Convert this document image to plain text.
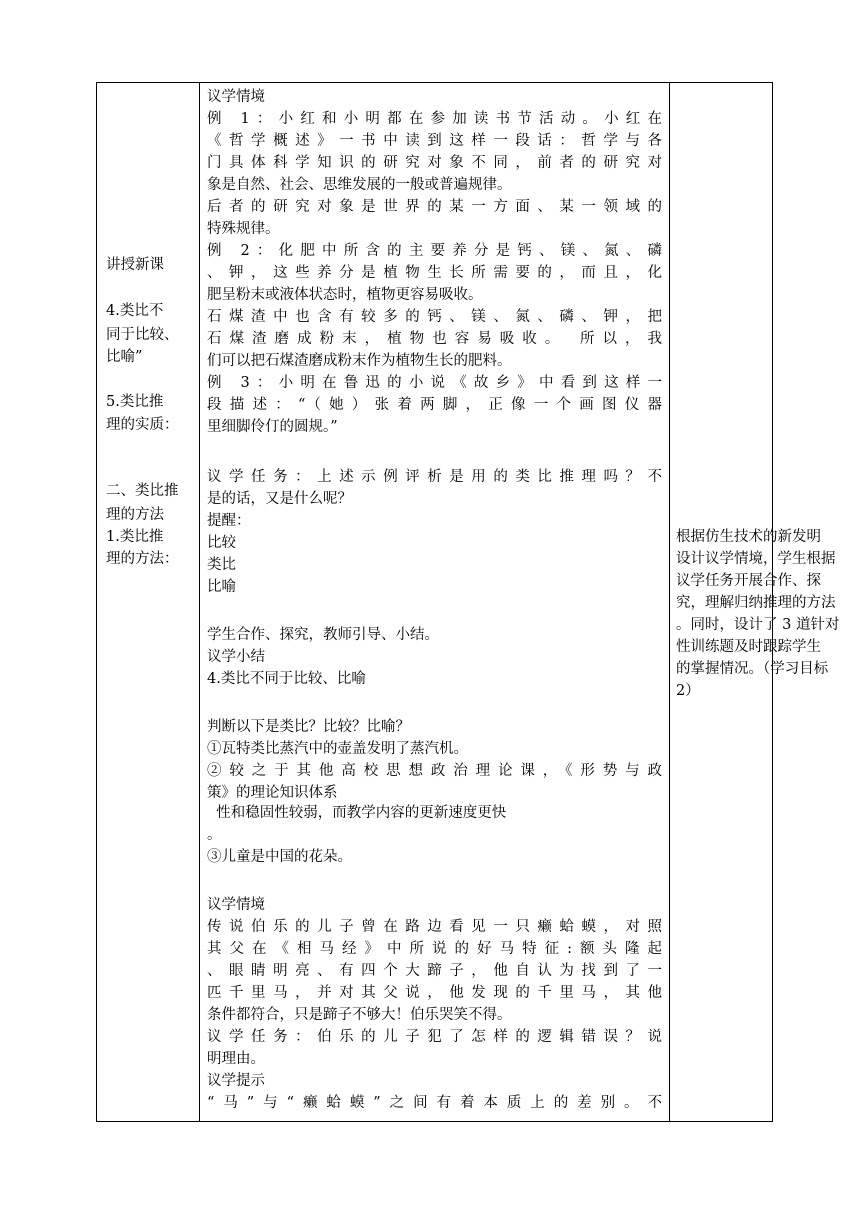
讲授新课
4.类比不
同于比较、
比喻”
5.类比推
理的实质：
二、类比推
理的方法
1.类比推
理的方法：
议学情境
例 1：小红和小明都在参加读书节活动。小红在
《哲学概述》一书中读到这样一段话：哲学与各
门具体科学知识的研究对象不同，前者的研究对
象是自然、社会、思维发展的一般或普遍规律。
后者的研究对象是世界的某一方面、某一领域的
特殊规律。
例 2：化肥中所含的主要养分是钙、镁、氮、磷
、钾，这些养分是植物生长所需要的，而且，化
肥呈粉末或液体状态时，植物更容易吸收。
石煤渣中也含有较多的钙、镁、氮、磷、钾，把
石煤渣磨成粉末，植物也容易吸收。 所以，我
们可以把石煤渣磨成粉末作为植物生长的肥料。
例 3：小明在鲁迅的小说《故乡》中看到这样一
段描述：“（她）张着两脚，正像一个画图仪器
里细脚伶仃的圆规。”
议学任务：上述示例评析是用的类比推理吗？不
是的话，又是什么呢？
提醒：
比较
类比
比喻
学生合作、探究，教师引导、小结。
议学小结
4.类比不同于比较、比喻
判断以下是类比？比较？比喻？
①瓦特类比蒸汽中的壶盖发明了蒸汽机。
②较之于其他高校思想政治理论课，《形势与政
策》的理论知识体系
性和稳固性较弱，而教学内容的更新速度更快
。
③儿童是中国的花朵。
议学情境
传说伯乐的儿子曾在路边看见一只癞蛤蟆，对照
其父在《相马经》中所说的好马特征:额头隆起
、眼睛明亮、有四个大蹄子，他自认为找到了一
匹千里马，并对其父说，他发现的千里马，其他
条件都符合，只是蹄子不够大！伯乐哭笑不得。
议学任务：伯乐的儿子犯了怎样的逻辑错误？说
明理由。
议学提示
“马”与“癞蛤蟆”之间有着本质上的差别。不
根据仿生技术的新发明
设计议学情境，学生根据
议学任务开展合作、探
究，理解归纳推理的方法
。同时，设计了 3 道针对
性训练题及时跟踪学生
的掌握情况。（学习目标
2）
